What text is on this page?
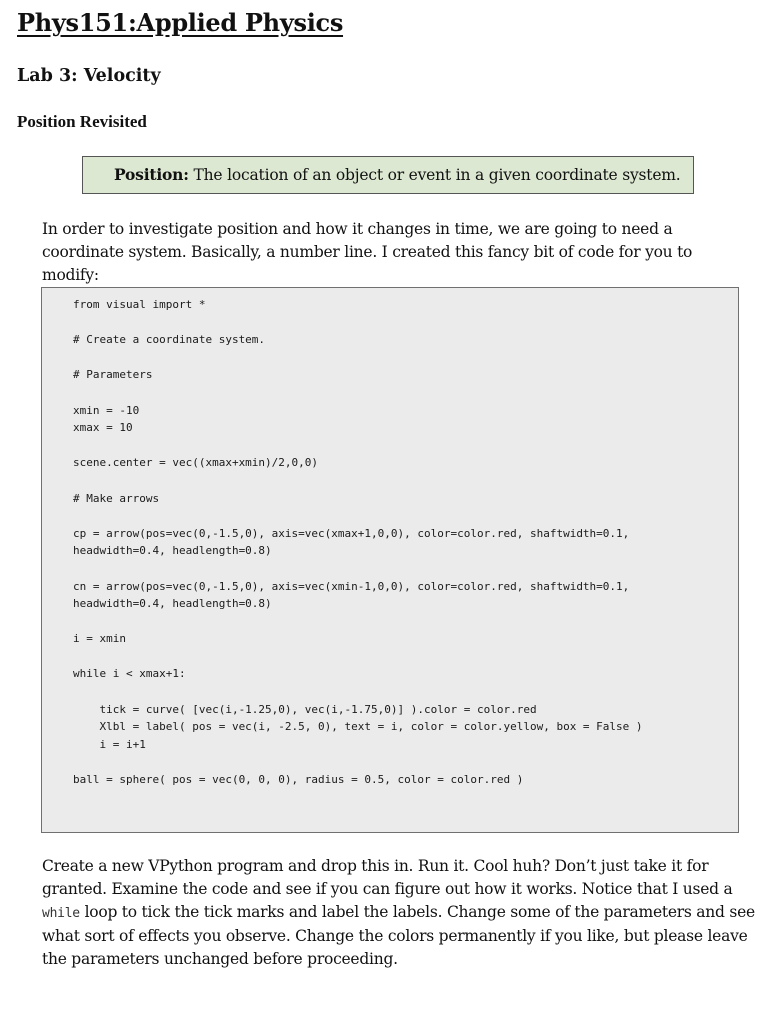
Phys151:Applied Physics
Lab 3: Velocity
Position Revisited
Position: The location of an object or event in a given coordinate system.

In order to investigate position and how it changes in time, we are going to need a coordinate system. Basically, a number line. I created this fancy bit of code for you to modify:

from visual import *

# Create a coordinate system.

# Parameters

xmin = -10
xmax = 10

scene.center = vec((xmax+xmin)/2,0,0)

# Make arrows

cp = arrow(pos=vec(0,-1.5,0), axis=vec(xmax+1,0,0), color=color.red, shaftwidth=0.1,
headwidth=0.4, headlength=0.8)

cn = arrow(pos=vec(0,-1.5,0), axis=vec(xmin-1,0,0), color=color.red, shaftwidth=0.1,
headwidth=0.4, headlength=0.8)

i = xmin

while i < xmax+1:

tick = curve( [vec(i,-1.25,0), vec(i,-1.75,0)] ).color = color.red
Xlbl = label( pos = vec(i, -2.5, 0), text = i, color = color.yellow, box = False )
i = i+1

ball = sphere( pos = vec(0, 0, 0), radius = 0.5, color = color.red )

Create a new VPython program and drop this in. Run it. Cool huh? Don’t just take it for granted. Examine the code and see if you can figure out how it works. Notice that I used a while loop to tick the tick marks and label the labels. Change some of the parameters and see what sort of effects you observe. Change the colors permanently if you like, but please leave the parameters unchanged before proceeding.
